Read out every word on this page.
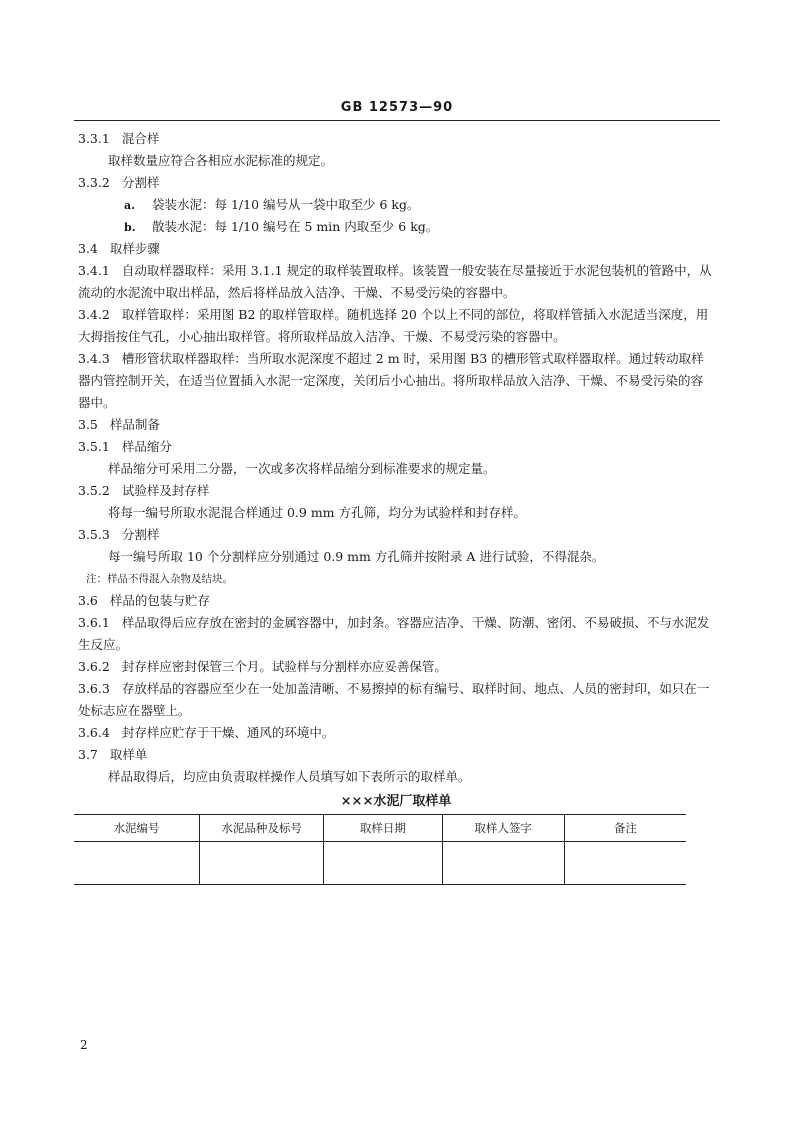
GB 12573—90
3.3.1 混合样
取样数量应符合各相应水泥标准的规定。
3.3.2 分割样
a. 袋装水泥：每 1/10 编号从一袋中取至少 6 kg。
b. 散装水泥：每 1/10 编号在 5 min 内取至少 6 kg。
3.4 取样步骤
3.4.1 自动取样器取样：采用 3.1.1 规定的取样装置取样。该装置一般安装在尽量接近于水泥包装机的管路中，从流动的水泥流中取出样品，然后将样品放入洁净、干燥、不易受污染的容器中。
3.4.2 取样管取样：采用图 B2 的取样管取样。随机选择 20 个以上不同的部位，将取样管插入水泥适当深度，用大拇指按住气孔，小心抽出取样管。将所取样品放入洁净、干燥、不易受污染的容器中。
3.4.3 槽形管状取样器取样：当所取水泥深度不超过 2 m 时，采用图 B3 的槽形管式取样器取样。通过转动取样器内管控制开关，在适当位置插入水泥一定深度，关闭后小心抽出。将所取样品放入洁净、干燥、不易受污染的容器中。
3.5 样品制备
3.5.1 样品缩分
样品缩分可采用二分器，一次或多次将样品缩分到标准要求的规定量。
3.5.2 试验样及封存样
将每一编号所取水泥混合样通过 0.9 mm 方孔筛，均分为试验样和封存样。
3.5.3 分割样
每一编号所取 10 个分割样应分别通过 0.9 mm 方孔筛并按附录 A 进行试验，不得混杂。
注：样品不得混入杂物及结块。
3.6 样品的包装与贮存
3.6.1 样品取得后应存放在密封的金属容器中，加封条。容器应洁净、干燥、防潮、密闭、不易破损、不与水泥发生反应。
3.6.2 封存样应密封保管三个月。试验样与分割样亦应妥善保管。
3.6.3 存放样品的容器应至少在一处加盖清晰、不易擦掉的标有编号、取样时间、地点、人员的密封印，如只在一处标志应在器壁上。
3.6.4 封存样应贮存于干燥、通风的环境中。
3.7 取样单
样品取得后，均应由负责取样操作人员填写如下表所示的取样单。
×××水泥厂取样单
水泥编号	水泥品种及标号	取样日期	取样人签字	备注

2
